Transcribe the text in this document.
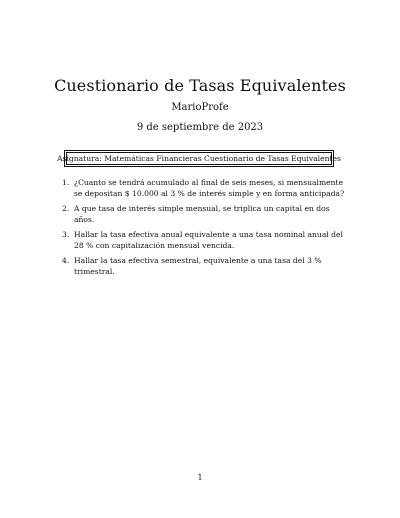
Cuestionario de Tasas Equivalentes
MarioProfe
9 de septiembre de 2023
Asignatura: Matemáticas Financieras Cuestionario de Tasas Equivalentes
1. ¿Cuanto se tendrá acumulado al final de seis meses, si mensualmente se depositan $ 10.000 al 3 % de interés simple y en forma anticipada?
2. A que tasa de interés simple mensual, se triplica un capital en dos años.
3. Hallar la tasa efectiva anual equivalente a una tasa nominal anual del 28 % con capitalización mensual vencida.
4. Hallar la tasa efectiva semestral, equivalente a una tasa del 3 % trimestral.
1
